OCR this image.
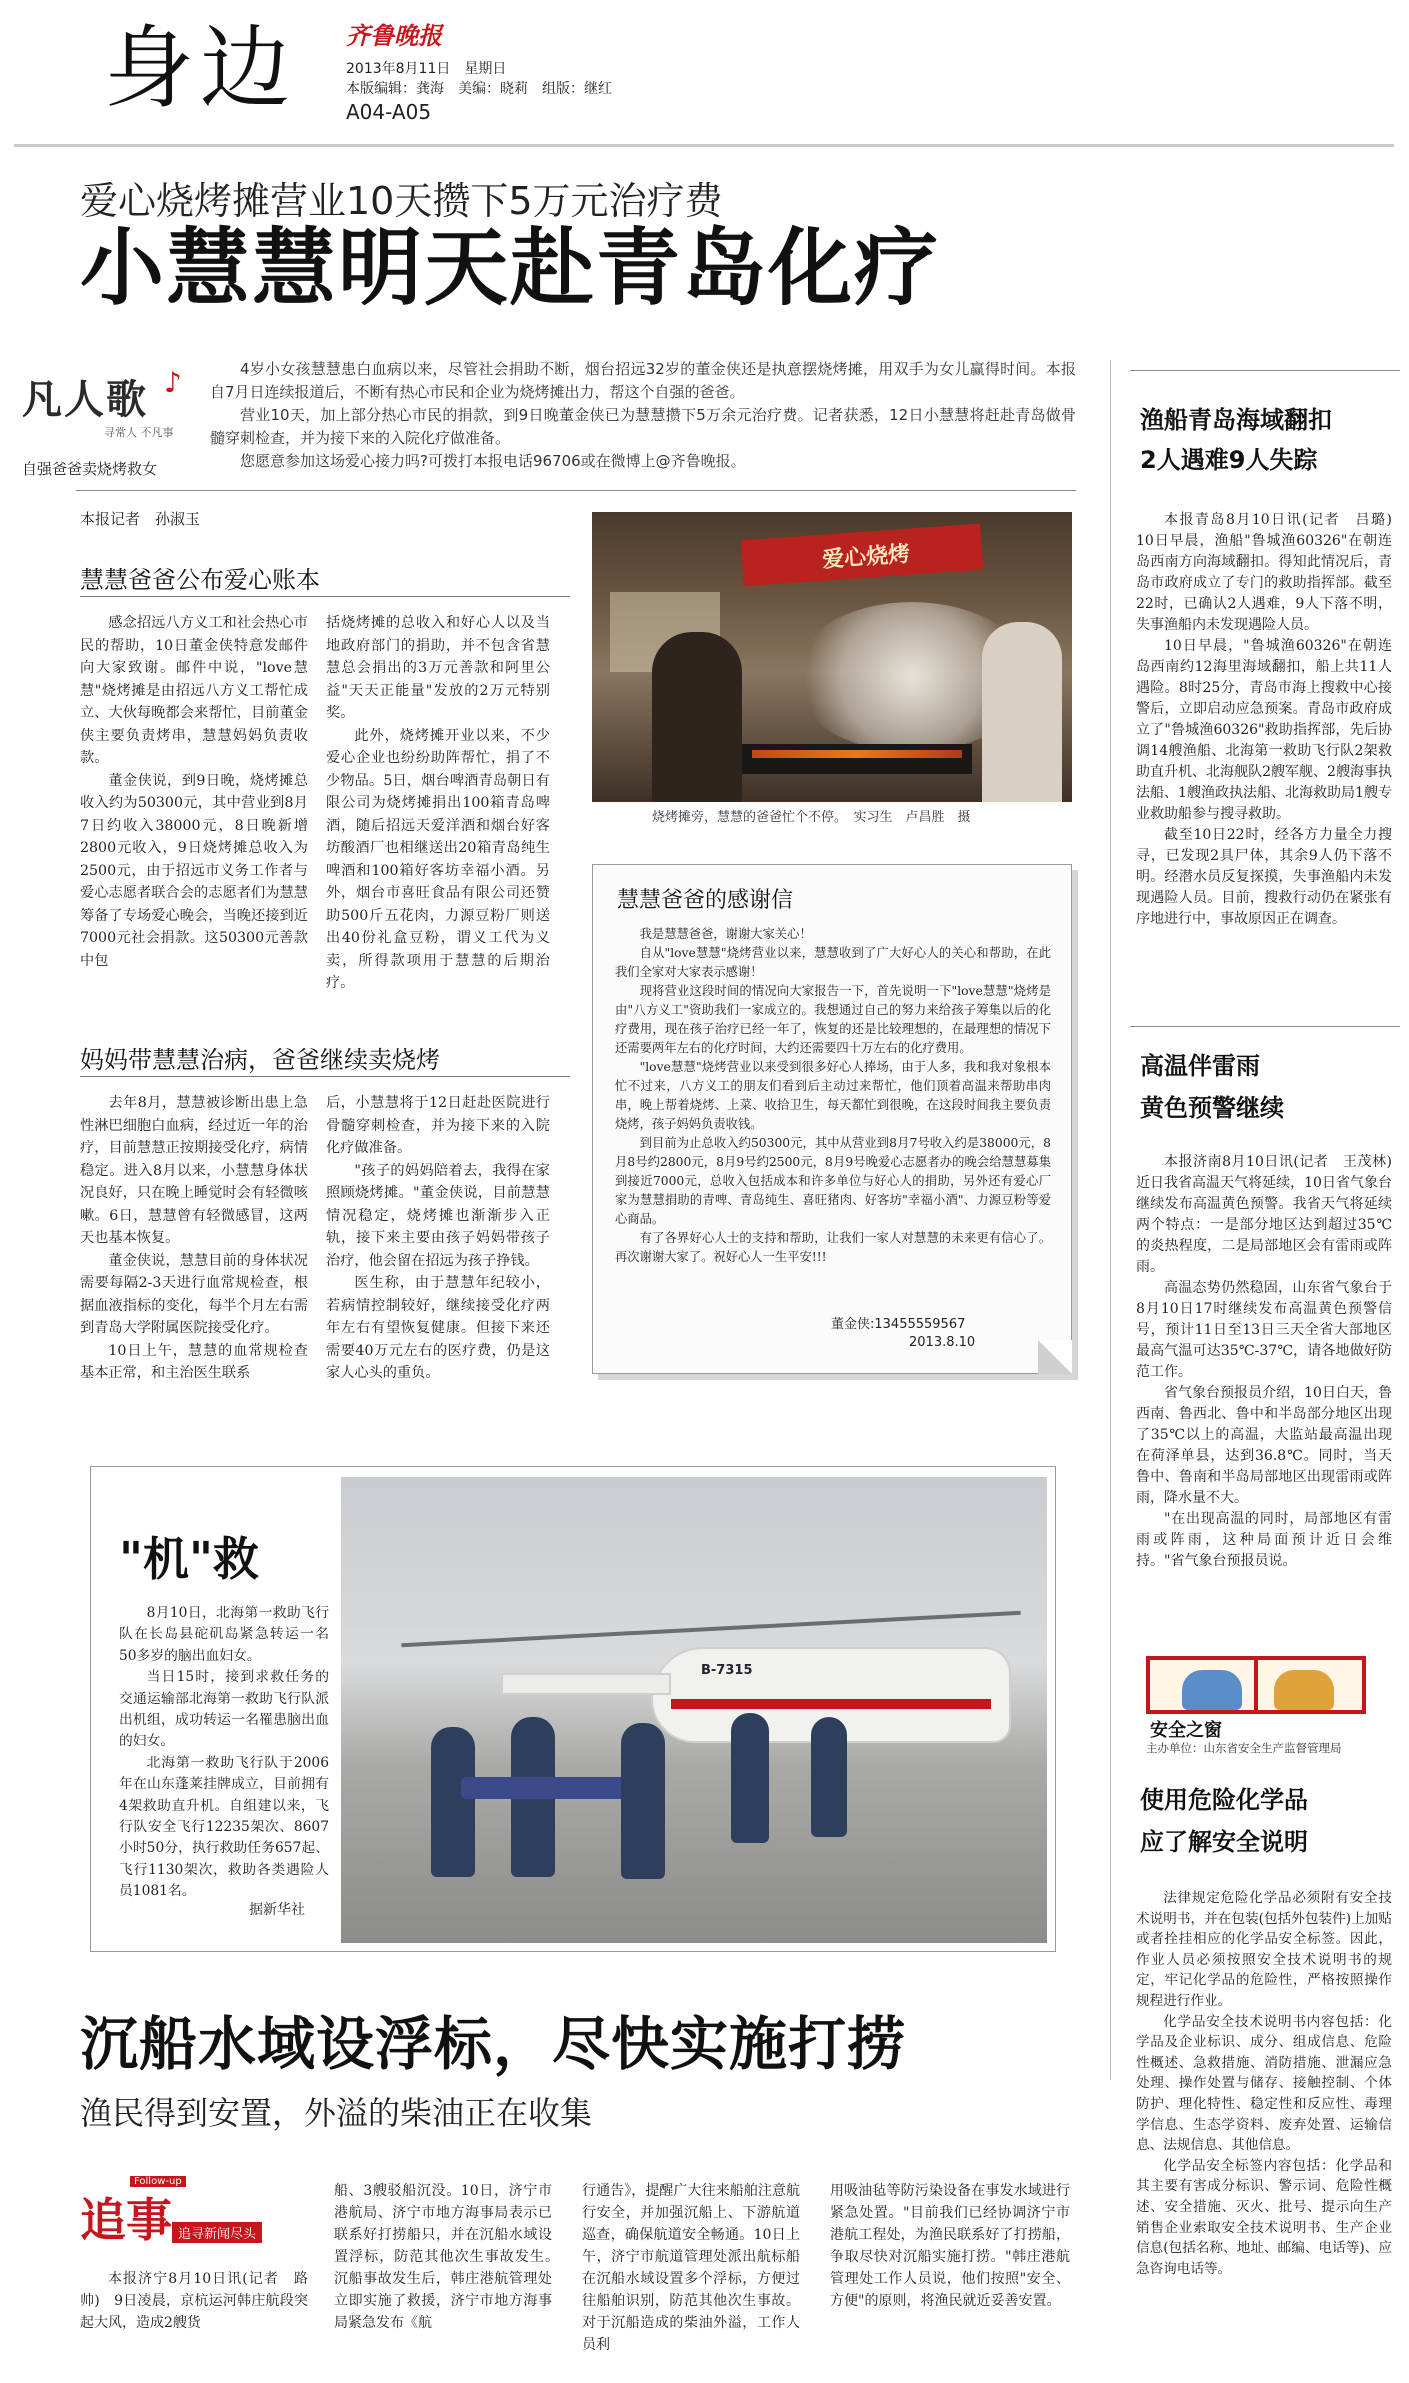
身边 齐鲁晚报
2013年8月11日　星期日
本版编辑：龚海　美编：晓莉　组版：继红
A04-A05
爱心烧烤摊营业10天攒下5万元治疗费
小慧慧明天赴青岛化疗
凡人歌 ♪
寻常人 不凡事
自强爸爸卖烧烤救女

4岁小女孩慧慧患白血病以来，尽管社会捐助不断，烟台招远32岁的董金侠还是执意摆烧烤摊，用双手为女儿赢得时间。本报自7月日连续报道后，不断有热心市民和企业为烧烤摊出力，帮这个自强的爸爸。

营业10天，加上部分热心市民的捐款，到9日晚董金侠已为慧慧攒下5万余元治疗费。记者获悉，12日小慧慧将赶赴青岛做骨髓穿刺检查，并为接下来的入院化疗做准备。

您愿意参加这场爱心接力吗?可拨打本报电话96706或在微博上@齐鲁晚报。

本报记者　孙淑玉
慧慧爸爸公布爱心账本

感念招远八方义工和社会热心市民的帮助，10日董金侠特意发邮件向大家致谢。邮件中说，"love慧慧"烧烤摊是由招远八方义工帮忙成立、大伙每晚都会来帮忙，目前董金侠主要负责烤串，慧慧妈妈负责收款。

董金侠说，到9日晚，烧烤摊总收入约为50300元，其中营业到8月7日约收入38000元，8日晚新增2800元收入，9日烧烤摊总收入为2500元，由于招远市义务工作者与爱心志愿者联合会的志愿者们为慧慧筹备了专场爱心晚会，当晚还接到近7000元社会捐款。这50300元善款中包

括烧烤摊的总收入和好心人以及当地政府部门的捐助，并不包含省慧慧总会捐出的3万元善款和阿里公益"天天正能量"发放的2万元特别奖。

此外，烧烤摊开业以来，不少爱心企业也纷纷助阵帮忙，捐了不少物品。5日，烟台啤酒青岛朝日有限公司为烧烤摊捐出100箱青岛啤酒，随后招远天爱洋酒和烟台好客坊酸酒厂也相继送出20箱青岛纯生啤酒和100箱好客坊幸福小酒。另外，烟台市喜旺食品有限公司还赞助500斤五花肉，力源豆粉厂则送出40份礼盒豆粉，谓义工代为义卖，所得款项用于慧慧的后期治疗。

爱心烧烤
烧烤摊旁，慧慧的爸爸忙个不停。　实习生　卢昌胜　摄
慧慧爸爸的感谢信

我是慧慧爸爸，谢谢大家关心！

自从"love慧慧"烧烤营业以来，慧慧收到了广大好心人的关心和帮助，在此我们全家对大家表示感谢！

现将营业这段时间的情况向大家报告一下，首先说明一下"love慧慧"烧烤是由"八方义工"资助我们一家成立的。我想通过自己的努力来给孩子筹集以后的化疗费用，现在孩子治疗已经一年了，恢复的还是比较理想的，在最理想的情况下还需要两年左右的化疗时间，大约还需要四十万左右的化疗费用。

"love慧慧"烧烤营业以来受到很多好心人捧场，由于人多，我和我对象根本忙不过来，八方义工的朋友们看到后主动过来帮忙，他们顶着高温来帮助串肉串，晚上帮着烧烤、上菜、收拾卫生，每天都忙到很晚，在这段时间我主要负责烧烤，孩子妈妈负责收钱。

到目前为止总收入约50300元，其中从营业到8月7号收入约是38000元，8月8号约2800元，8月9号约2500元，8月9号晚爱心志愿者办的晚会给慧慧募集到接近7000元，总收入包括成本和许多单位与好心人的捐助，另外还有爱心厂家为慧慧捐助的青啤、青岛纯生、喜旺猪肉、好客坊"幸福小酒"、力源豆粉等爱心商品。

有了各界好心人士的支持和帮助，让我们一家人对慧慧的未来更有信心了。再次谢谢大家了。祝好心人一生平安!!!

董金侠:13455559567
2013.8.10
妈妈带慧慧治病，爸爸继续卖烧烤

去年8月，慧慧被诊断出患上急性淋巴细胞白血病，经过近一年的治疗，目前慧慧正按期接受化疗，病情稳定。进入8月以来，小慧慧身体状况良好，只在晚上睡觉时会有轻微咳嗽。6日，慧慧曾有轻微感冒，这两天也基本恢复。

董金侠说，慧慧目前的身体状况需要每隔2-3天进行血常规检查，根据血液指标的变化，每半个月左右需到青岛大学附属医院接受化疗。

10日上午，慧慧的血常规检查基本正常，和主治医生联系

后，小慧慧将于12日赶赴医院进行骨髓穿刺检查，并为接下来的入院化疗做准备。

"孩子的妈妈陪着去，我得在家照顾烧烤摊。"董金侠说，目前慧慧情况稳定，烧烤摊也渐渐步入正轨，接下来主要由孩子妈妈带孩子治疗，他会留在招远为孩子挣钱。

医生称，由于慧慧年纪较小，若病情控制较好，继续接受化疗两年左右有望恢复健康。但接下来还需要40万元左右的医疗费，仍是这家人心头的重负。

渔船青岛海域翻扣
2人遇难9人失踪

本报青岛8月10日讯(记者　吕璐)　10日早晨，渔船"鲁城渔60326"在朝连岛西南方向海域翻扣。得知此情况后，青岛市政府成立了专门的救助指挥部。截至22时，已确认2人遇难，9人下落不明，失事渔船内未发现遇险人员。

10日早晨，"鲁城渔60326"在朝连岛西南约12海里海域翻扣，船上共11人遇险。8时25分，青岛市海上搜救中心接警后，立即启动应急预案。青岛市政府成立了"鲁城渔60326"救助指挥部，先后协调14艘渔船、北海第一救助飞行队2架救助直升机、北海舰队2艘军舰、2艘海事执法船、1艘渔政执法船、北海救助局1艘专业救助船参与搜寻救助。

截至10日22时，经各方力量全力搜寻，已发现2具尸体，其余9人仍下落不明。经潜水员反复探摸，失事渔船内未发现遇险人员。目前，搜救行动仍在紧张有序地进行中，事故原因正在调查。

高温伴雷雨
黄色预警继续

本报济南8月10日讯(记者　王茂林)　近日我省高温天气将延续，10日省气象台继续发布高温黄色预警。我省天气将延续两个特点：一是部分地区达到超过35℃的炎热程度，二是局部地区会有雷雨或阵雨。

高温态势仍然稳固，山东省气象台于8月10日17时继续发布高温黄色预警信号，预计11日至13日三天全省大部地区最高气温可达35℃-37℃，请各地做好防范工作。

省气象台预报员介绍，10日白天，鲁西南、鲁西北、鲁中和半岛部分地区出现了35℃以上的高温，大监站最高温出现在荷泽单县，达到36.8℃。同时，当天鲁中、鲁南和半岛局部地区出现雷雨或阵雨，降水量不大。

"在出现高温的同时，局部地区有雷雨或阵雨，这种局面预计近日会维持。"省气象台预报员说。

安全之窗
主办单位：山东省安全生产监督管理局
使用危险化学品
应了解安全说明

法律规定危险化学品必须附有安全技术说明书，并在包装(包括外包装件)上加贴或者拴挂相应的化学品安全标签。因此，作业人员必须按照安全技术说明书的规定，牢记化学品的危险性，严格按照操作规程进行作业。

化学品安全技术说明书内容包括：化学品及企业标识、成分、组成信息、危险性概述、急救措施、消防措施、泄漏应急处理、操作处置与储存、接触控制、个体防护、理化特性、稳定性和反应性、毒理学信息、生态学资料、废弃处置、运输信息、法规信息、其他信息。

化学品安全标签内容包括：化学品和其主要有害成分标识、警示词、危险性概述、安全措施、灭火、批号、提示向生产销售企业索取安全技术说明书、生产企业信息(包括名称、地址、邮编、电话等)、应急咨询电话等。

"机"救

8月10日，北海第一救助飞行队在长岛县砣矶岛紧急转运一名50多岁的脑出血妇女。

当日15时，接到求救任务的交通运输部北海第一救助飞行队派出机组，成功转运一名罹患脑出血的妇女。

北海第一救助飞行队于2006年在山东蓬莱挂牌成立，目前拥有4架救助直升机。自组建以来，飞行队安全飞行12235架次、8607小时50分，执行救助任务657起、飞行1130架次，救助各类遇险人员1081名。

据新华社
B-7315
沉船水域设浮标，尽快实施打捞
渔民得到安置，外溢的柴油正在收集
Follow-up
追事 追寻新闻尽头

本报济宁8月10日讯(记者　路帅)　9日凌晨，京杭运河韩庄航段突起大风，造成2艘货

船、3艘驳船沉没。10日，济宁市港航局、济宁市地方海事局表示已联系好打捞船只，并在沉船水域设置浮标，防范其他次生事故发生。　沉船事故发生后，韩庄港航管理处立即实施了救援，济宁市地方海事局紧急发布《航

行通告》，提醒广大往来船舶注意航行安全，并加强沉船上、下游航道巡查，确保航道安全畅通。10日上午，济宁市航道管理处派出航标船在沉船水域设置多个浮标，方便过往船舶识别，防范其他次生事故。对于沉船造成的柴油外溢，工作人员利

用吸油毡等防污染设备在事发水域进行紧急处置。"目前我们已经协调济宁市港航工程处，为渔民联系好了打捞船，争取尽快对沉船实施打捞。"韩庄港航管理处工作人员说，他们按照"安全、方便"的原则，将渔民就近妥善安置。
